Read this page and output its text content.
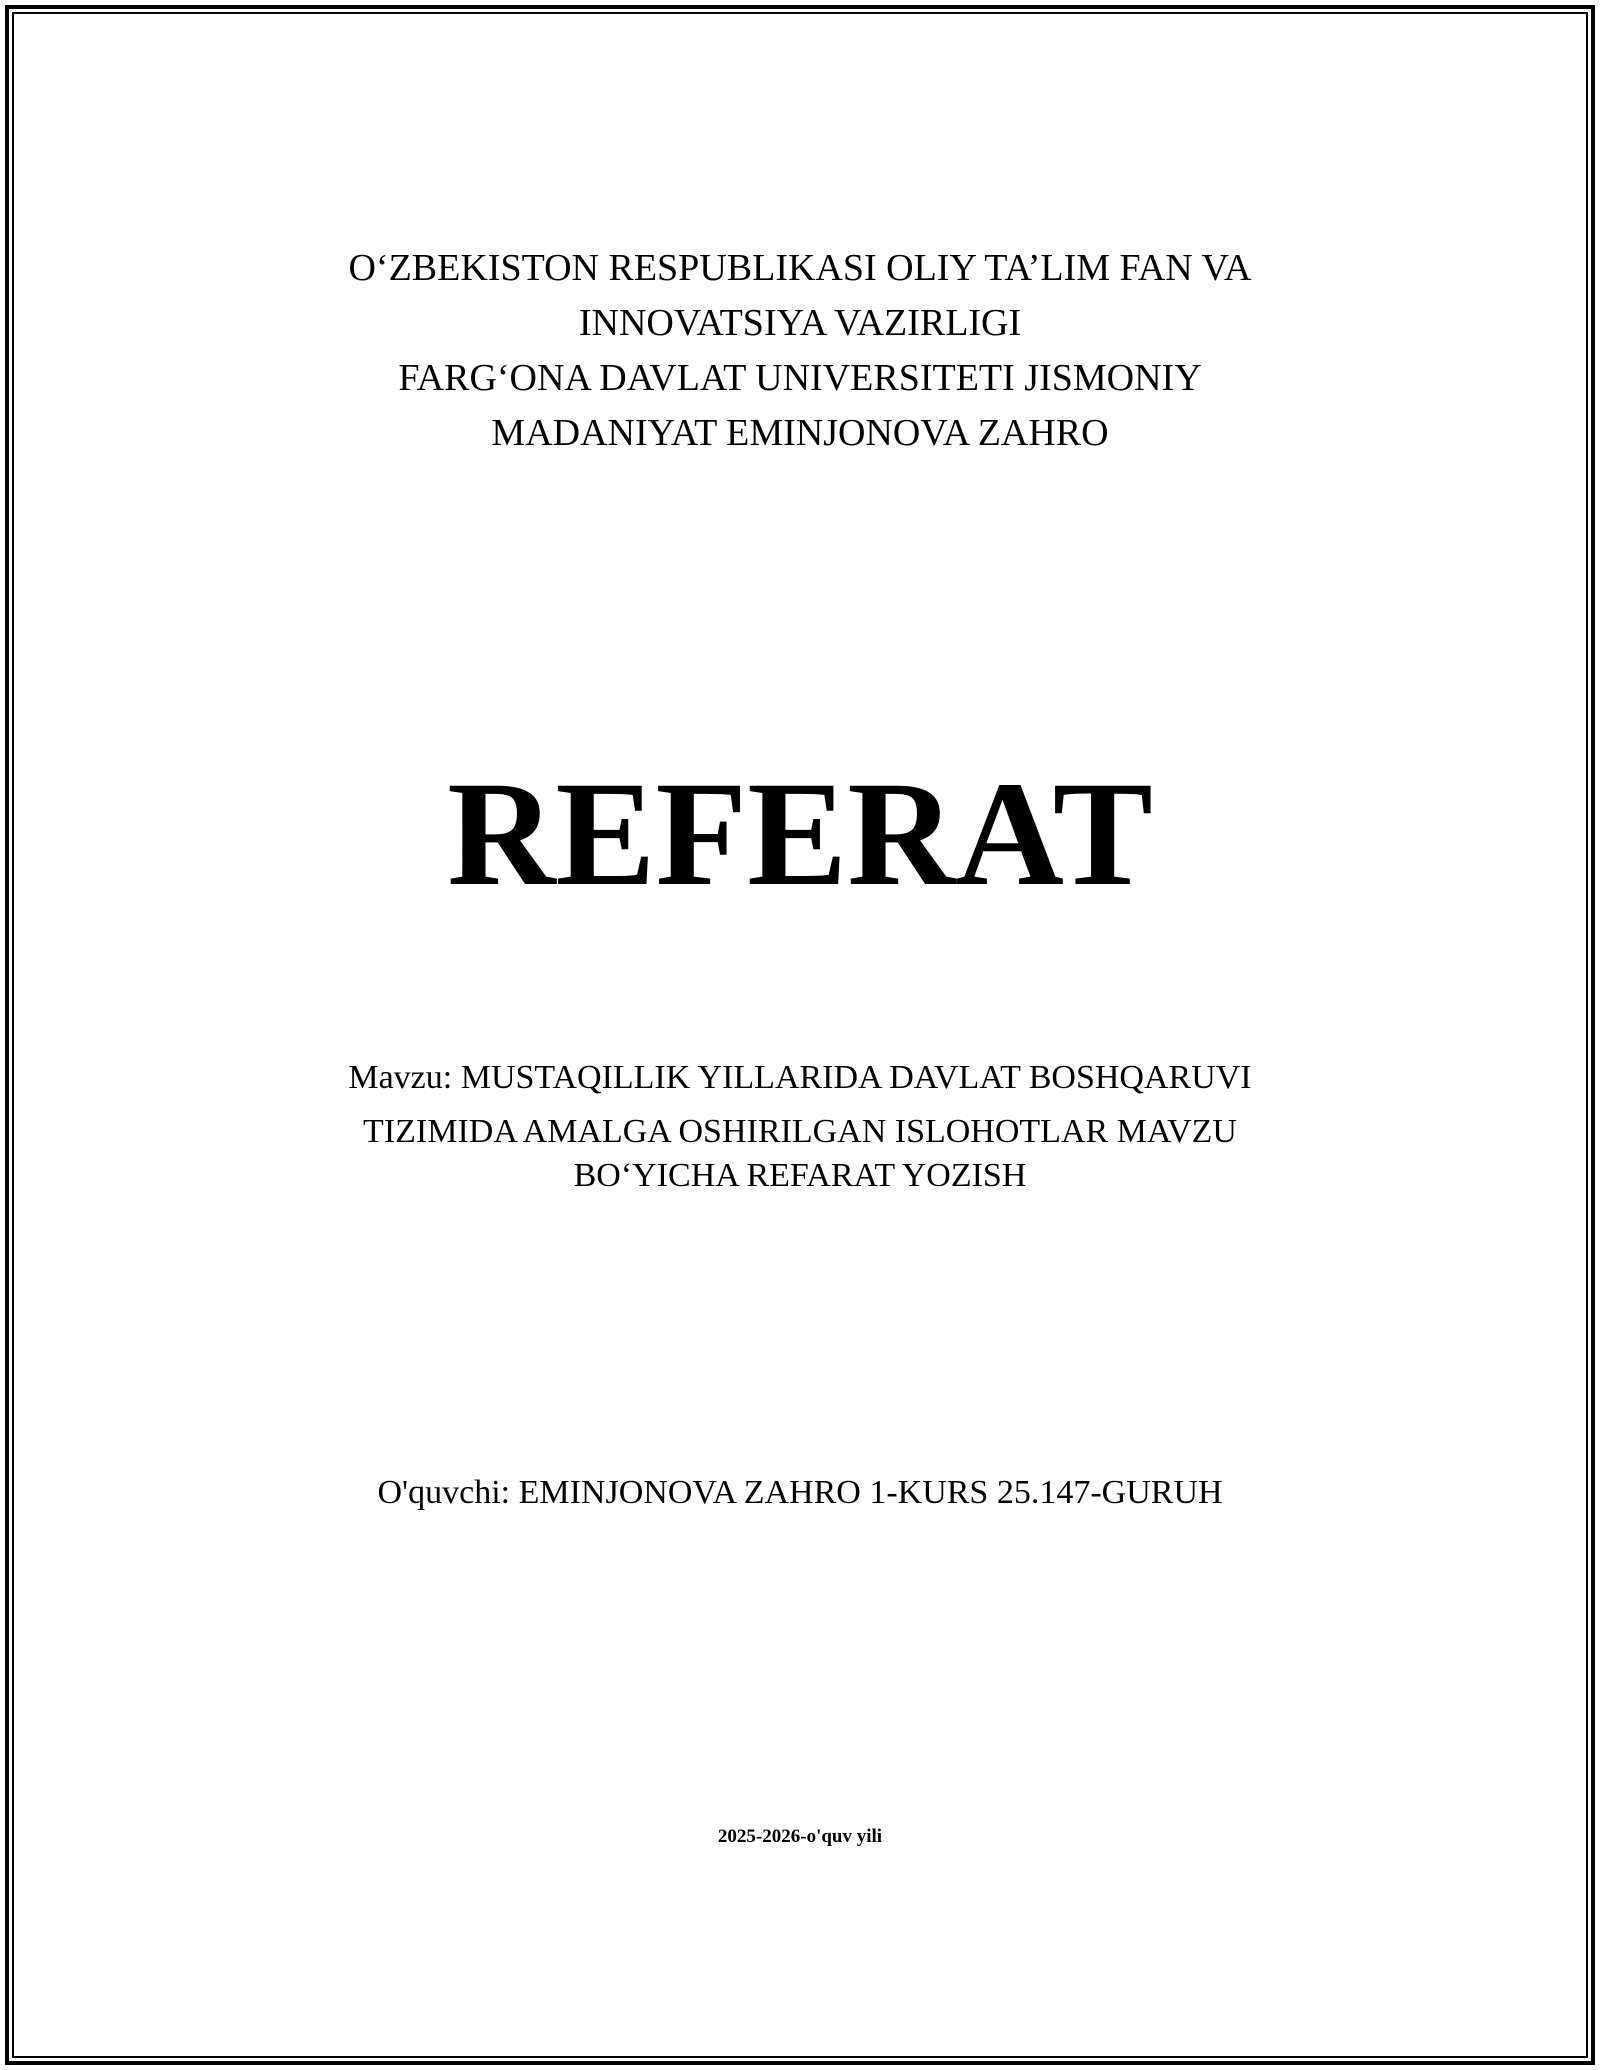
O‘ZBEKISTON RESPUBLIKASI OLIY TA’LIM FAN VA
INNOVATSIYA VAZIRLIGI
FARG‘ONA DAVLAT UNIVERSITETI JISMONIY
MADANIYAT EMINJONOVA ZAHRO
REFERAT
Mavzu: MUSTAQILLIK YILLARIDA DAVLAT BOSHQARUVI
TIZIMIDA AMALGA OSHIRILGAN ISLOHOTLAR MAVZU
BO‘YICHA REFARAT YOZISH
O'quvchi: EMINJONOVA ZAHRO 1-KURS 25.147-GURUH
2025-2026-o'quv yili
